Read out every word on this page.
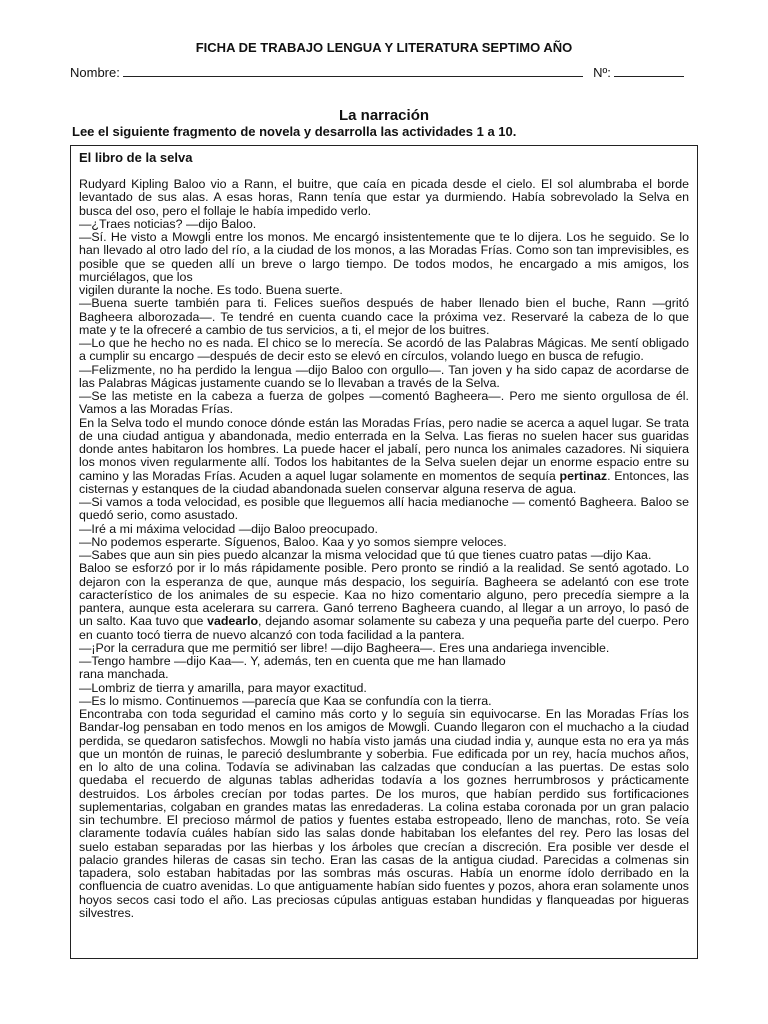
FICHA DE TRABAJO LENGUA Y LITERATURA SEPTIMO AÑO
Nombre:	Nº:
La narración
Lee el siguiente fragmento de novela y desarrolla las actividades 1 a 10.
El libro de la selva

Rudyard Kipling Baloo vio a Rann, el buitre, que caía en picada desde el cielo. El sol alumbraba el borde levantado de sus alas. A esas horas, Rann tenía que estar ya durmiendo. Había sobrevolado la Selva en busca del oso, pero el follaje le había impedido verlo.

—¿Traes noticias? —dijo Baloo.

—Sí. He visto a Mowgli entre los monos. Me encargó insistentemente que te lo dijera. Los he seguido. Se lo han llevado al otro lado del río, a la ciudad de los monos, a las Moradas Frías. Como son tan imprevisibles, es posible que se queden allí un breve o largo tiempo. De todos modos, he encargado a mis amigos, los murciélagos, que los

vigilen durante la noche. Es todo. Buena suerte.

—Buena suerte también para ti. Felices sueños después de haber llenado bien el buche, Rann —gritó Bagheera alborozada—. Te tendré en cuenta cuando cace la próxima vez. Reservaré la cabeza de lo que mate y te la ofreceré a cambio de tus servicios, a ti, el mejor de los buitres.

—Lo que he hecho no es nada. El chico se lo merecía. Se acordó de las Palabras Mágicas. Me sentí obligado a cumplir su encargo —después de decir esto se elevó en círculos, volando luego en busca de refugio.

—Felizmente, no ha perdido la lengua —dijo Baloo con orgullo—. Tan joven y ha sido capaz de acordarse de las Palabras Mágicas justamente cuando se lo llevaban a través de la Selva.

—Se las metiste en la cabeza a fuerza de golpes —comentó Bagheera—. Pero me siento orgullosa de él. Vamos a las Moradas Frías.

En la Selva todo el mundo conoce dónde están las Moradas Frías, pero nadie se acerca a aquel lugar. Se trata de una ciudad antigua y abandonada, medio enterrada en la Selva. Las fieras no suelen hacer sus guaridas donde antes habitaron los hombres. La puede hacer el jabalí, pero nunca los animales cazadores. Ni siquiera los monos viven regularmente allí. Todos los habitantes de la Selva suelen dejar un enorme espacio entre su camino y las Moradas Frías. Acuden a aquel lugar solamente en momentos de sequía pertinaz. Entonces, las cisternas y estanques de la ciudad abandonada suelen conservar alguna reserva de agua.

—Si vamos a toda velocidad, es posible que lleguemos allí hacia medianoche — comentó Bagheera. Baloo se quedó serio, como asustado.

—Iré a mi máxima velocidad —dijo Baloo preocupado.

—No podemos esperarte. Síguenos, Baloo. Kaa y yo somos siempre veloces.

—Sabes que aun sin pies puedo alcanzar la misma velocidad que tú que tienes cuatro patas —dijo Kaa.

Baloo se esforzó por ir lo más rápidamente posible. Pero pronto se rindió a la realidad. Se sentó agotado. Lo dejaron con la esperanza de que, aunque más despacio, los seguiría. Bagheera se adelantó con ese trote característico de los animales de su especie. Kaa no hizo comentario alguno, pero precedía siempre a la pantera, aunque esta acelerara su carrera. Ganó terreno Bagheera cuando, al llegar a un arroyo, lo pasó de un salto. Kaa tuvo que vadearlo, dejando asomar solamente su cabeza y una pequeña parte del cuerpo. Pero en cuanto tocó tierra de nuevo alcanzó con toda facilidad a la pantera.

—¡Por la cerradura que me permitió ser libre! —dijo Bagheera—. Eres una andariega invencible.

—Tengo hambre —dijo Kaa—. Y, además, ten en cuenta que me han llamado

rana manchada.

—Lombriz de tierra y amarilla, para mayor exactitud.

—Es lo mismo. Continuemos —parecía que Kaa se confundía con la tierra.

Encontraba con toda seguridad el camino más corto y lo seguía sin equivocarse. En las Moradas Frías los Bandar-log pensaban en todo menos en los amigos de Mowgli. Cuando llegaron con el muchacho a la ciudad perdida, se quedaron satisfechos. Mowgli no había visto jamás una ciudad india y, aunque esta no era ya más que un montón de ruinas, le pareció deslumbrante y soberbia. Fue edificada por un rey, hacía muchos años, en lo alto de una colina. Todavía se adivinaban las calzadas que conducían a las puertas. De estas solo quedaba el recuerdo de algunas tablas adheridas todavía a los goznes herrumbrosos y prácticamente destruidos. Los árboles crecían por todas partes. De los muros, que habían perdido sus fortificaciones suplementarias, colgaban en grandes matas las enredaderas. La colina estaba coronada por un gran palacio sin techumbre. El precioso mármol de patios y fuentes estaba estropeado, lleno de manchas, roto. Se veía claramente todavía cuáles habían sido las salas donde habitaban los elefantes del rey. Pero las losas del suelo estaban separadas por las hierbas y los árboles que crecían a discreción. Era posible ver desde el palacio grandes hileras de casas sin techo. Eran las casas de la antigua ciudad. Parecidas a colmenas sin tapadera, solo estaban habitadas por las sombras más oscuras. Había un enorme ídolo derribado en la confluencia de cuatro avenidas. Lo que antiguamente habían sido fuentes y pozos, ahora eran solamente unos hoyos secos casi todo el año. Las preciosas cúpulas antiguas estaban hundidas y flanqueadas por higueras silvestres.
